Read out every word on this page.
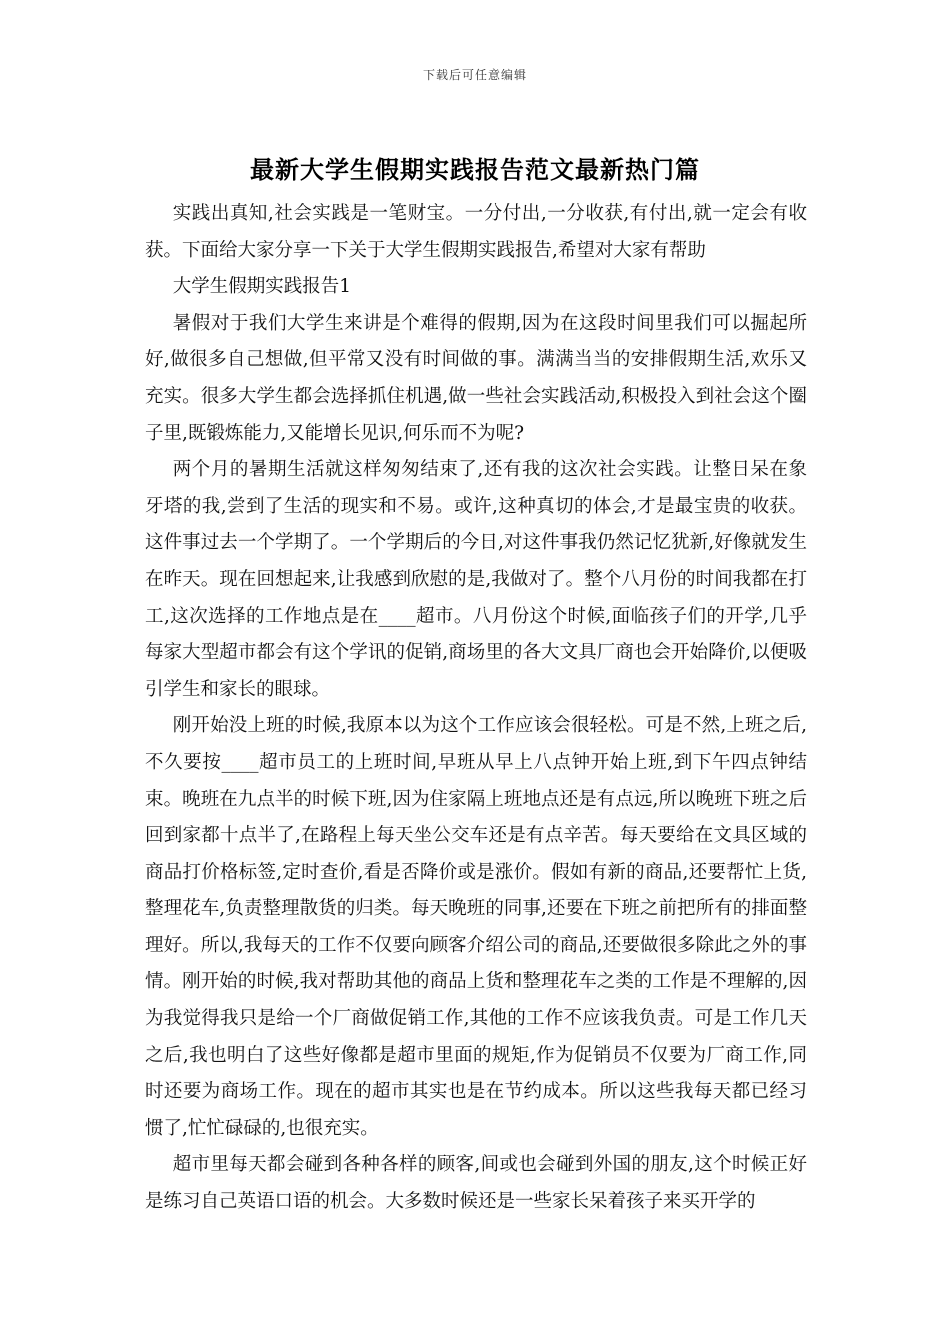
下载后可任意编辑
最新大学生假期实践报告范文最新热门篇

实践出真知,社会实践是一笔财宝。一分付出,一分收获,有付出,就一定会有收获。下面给大家分享一下关于大学生假期实践报告,希望对大家有帮助

大学生假期实践报告1

暑假对于我们大学生来讲是个难得的假期,因为在这段时间里我们可以掘起所好,做很多自己想做,但平常又没有时间做的事。满满当当的安排假期生活,欢乐又充实。很多大学生都会选择抓住机遇,做一些社会实践活动,积极投入到社会这个圈子里,既锻炼能力,又能增长见识,何乐而不为呢?

两个月的暑期生活就这样匆匆结束了,还有我的这次社会实践。让整日呆在象牙塔的我,尝到了生活的现实和不易。或许,这种真切的体会,才是最宝贵的收获。这件事过去一个学期了。一个学期后的今日,对这件事我仍然记忆犹新,好像就发生在昨天。现在回想起来,让我感到欣慰的是,我做对了。整个八月份的时间我都在打工,这次选择的工作地点是在____超市。八月份这个时候,面临孩子们的开学,几乎每家大型超市都会有这个学讯的促销,商场里的各大文具厂商也会开始降价,以便吸引学生和家长的眼球。

刚开始没上班的时候,我原本以为这个工作应该会很轻松。可是不然,上班之后,不久要按____超市员工的上班时间,早班从早上八点钟开始上班,到下午四点钟结束。晚班在九点半的时候下班,因为住家隔上班地点还是有点远,所以晚班下班之后回到家都十点半了,在路程上每天坐公交车还是有点辛苦。每天要给在文具区域的商品打价格标签,定时查价,看是否降价或是涨价。假如有新的商品,还要帮忙上货,整理花车,负责整理散货的归类。每天晚班的同事,还要在下班之前把所有的排面整理好。所以,我每天的工作不仅要向顾客介绍公司的商品,还要做很多除此之外的事情。刚开始的时候,我对帮助其他的商品上货和整理花车之类的工作是不理解的,因为我觉得我只是给一个厂商做促销工作,其他的工作不应该我负责。可是工作几天之后,我也明白了这些好像都是超市里面的规矩,作为促销员不仅要为厂商工作,同时还要为商场工作。现在的超市其实也是在节约成本。所以这些我每天都已经习惯了,忙忙碌碌的,也很充实。

超市里每天都会碰到各种各样的顾客,间或也会碰到外国的朋友,这个时候正好是练习自己英语口语的机会。大多数时候还是一些家长呆着孩子来买开学的
